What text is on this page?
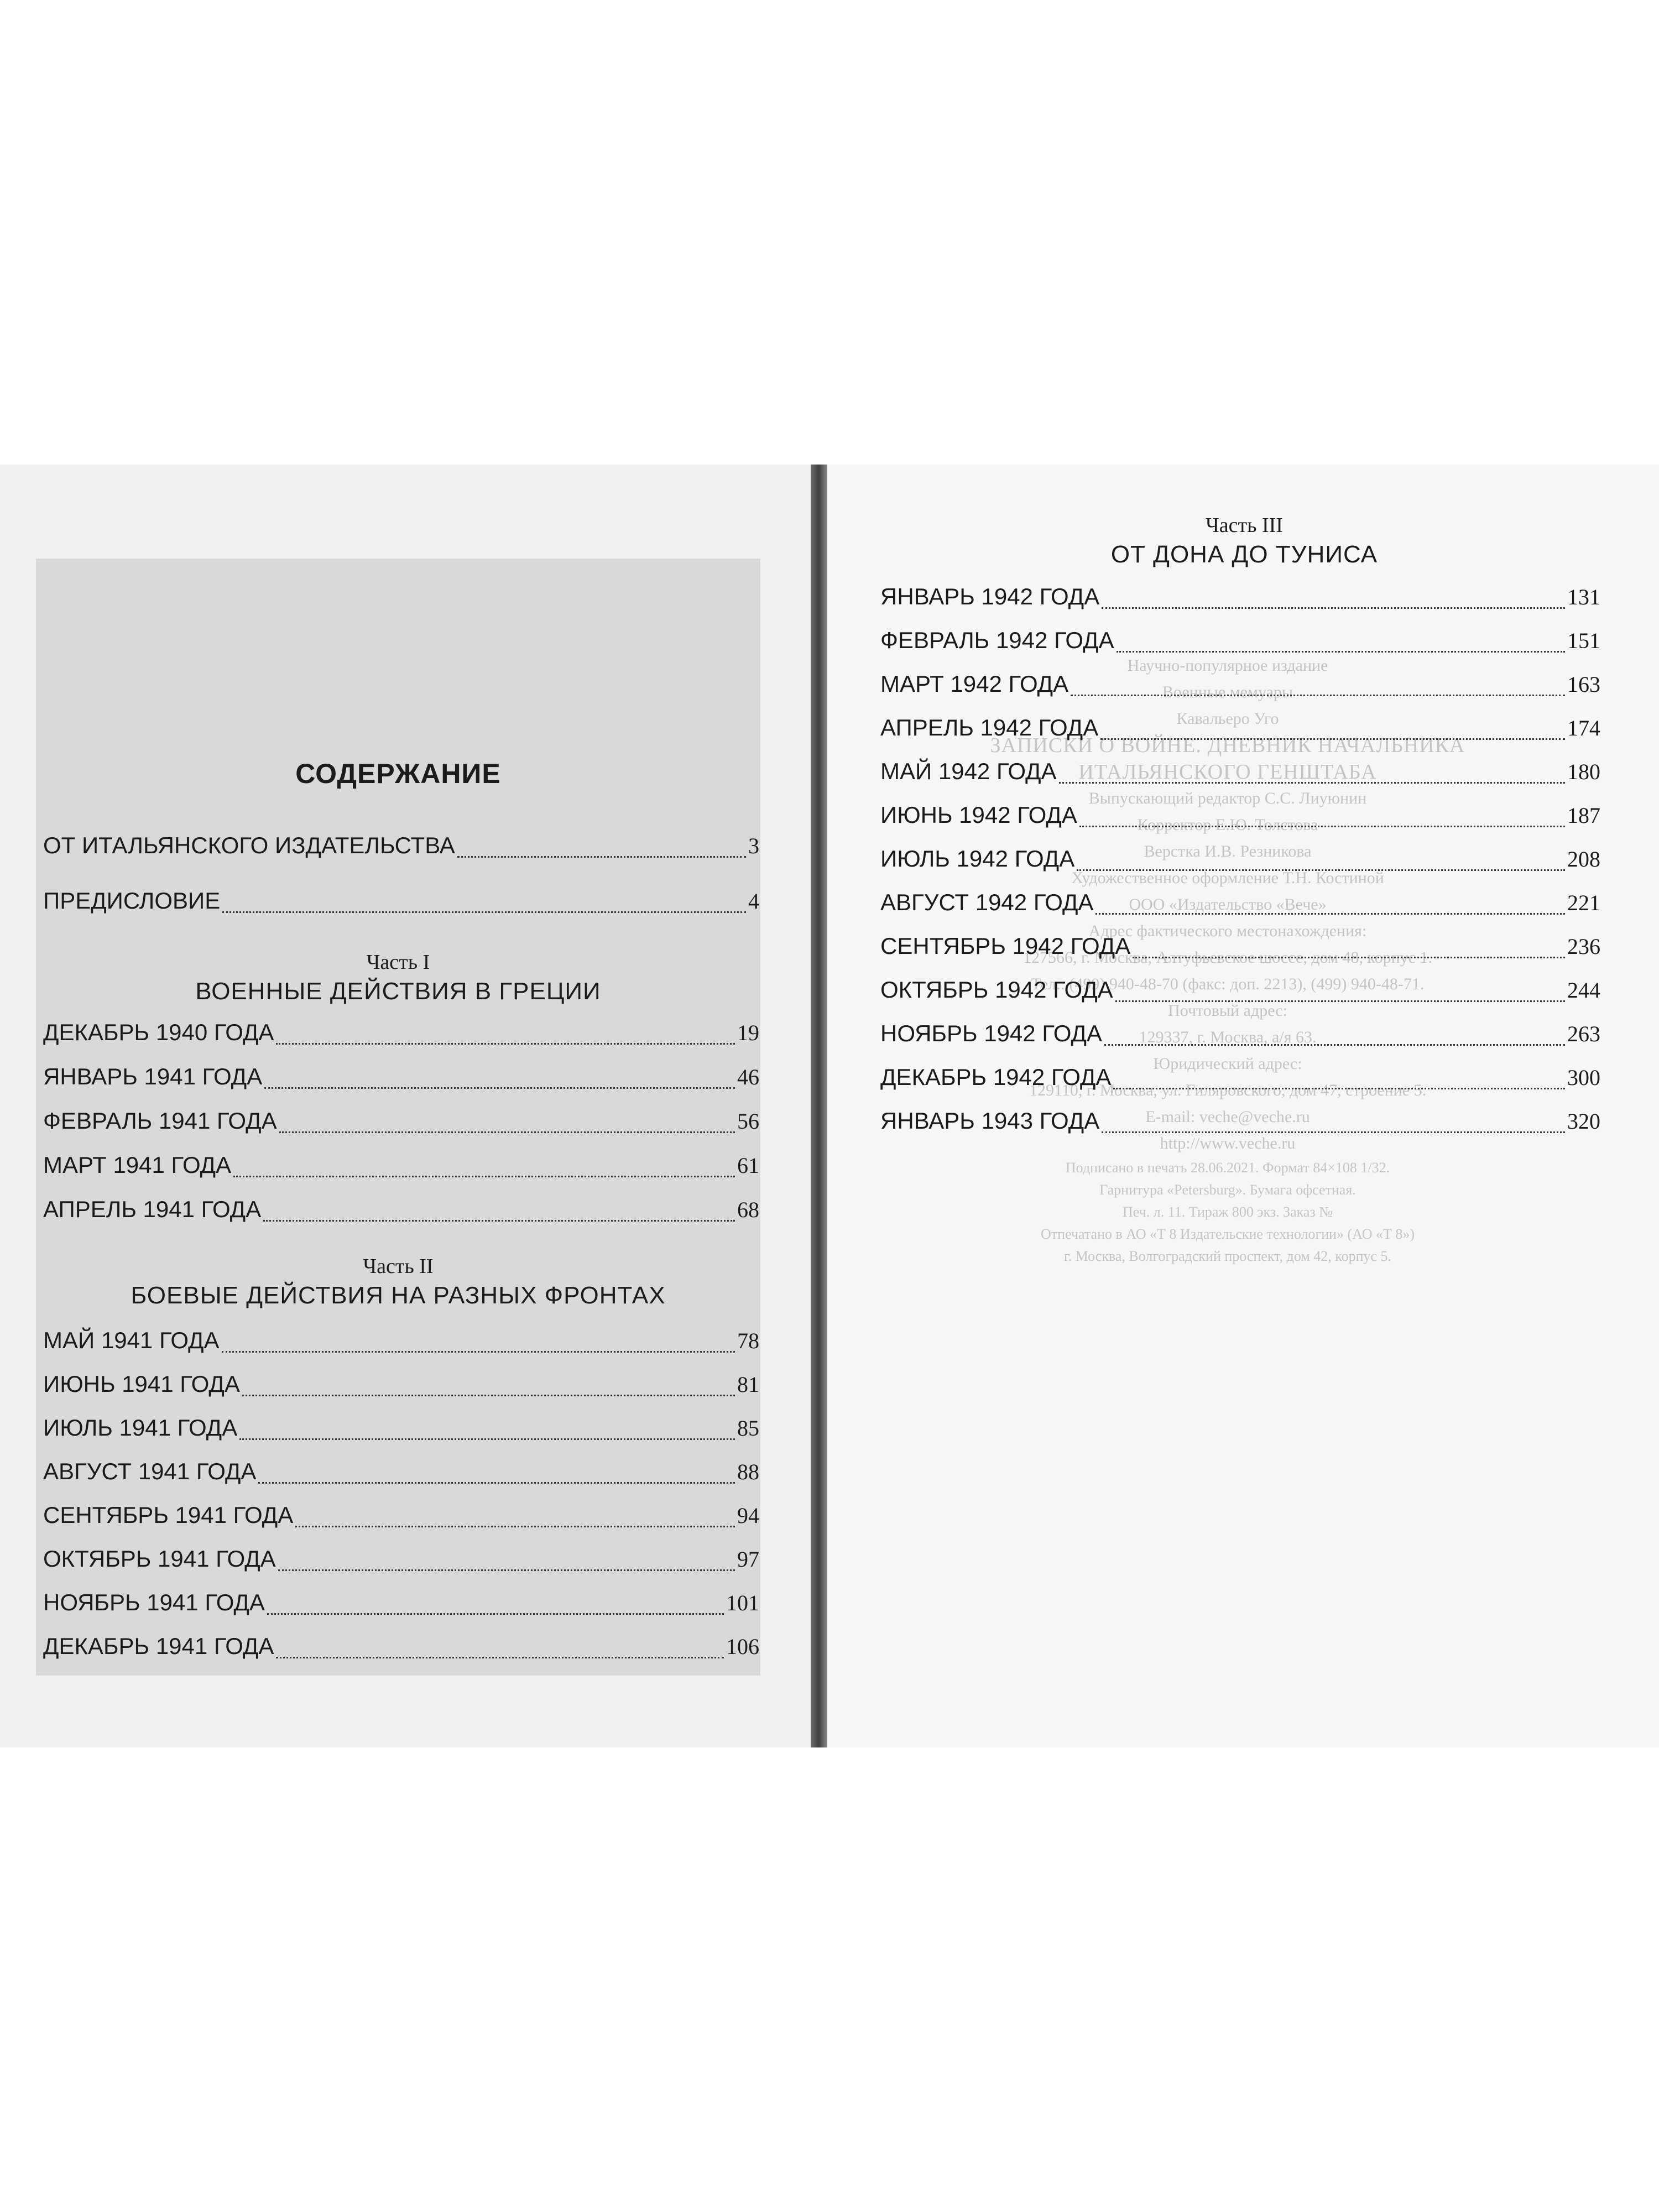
Научно-популярное издание
Военные мемуары
Кавальеро Уго
ЗАПИСКИ О ВОЙНЕ. ДНЕВНИК НАЧАЛЬНИКА
ИТАЛЬЯНСКОГО ГЕНШТАБА
Выпускающий редактор С.С. Лиуюнин
Корректор Е.Ю. Толстова
Верстка И.В. Резникова
Художественное оформление Т.Н. Костиной
ООО «Издательство «Вече»
Адрес фактического местонахождения:
127566, г. Москва, Алтуфьевское шоссе, дом 48, корпус 1.
Тел.: (499) 940-48-70 (факс: доп. 2213), (499) 940-48-71.
Почтовый адрес:
129337, г. Москва, а/я 63.
Юридический адрес:
129110, г. Москва, ул. Гиляровского, дом 47, строение 5.
E-mail: veche@veche.ru
http://www.veche.ru
Подписано в печать 28.06.2021. Формат 84×108 1/32.
Гарнитура «Petersburg». Бумага офсетная.
Печ. л. 11. Тираж 800 экз. Заказ №
Отпечатано в АО «Т 8 Издательские технологии» (АО «Т 8»)
г. Москва, Волгоградский проспект, дом 42, корпус 5.
СОДЕРЖАНИЕ
ОТ ИТАЛЬЯНСКОГО ИЗДАТЕЛЬСТВА	3
ПРЕДИСЛОВИЕ	4
Часть I
ВОЕННЫЕ ДЕЙСТВИЯ В ГРЕЦИИ
ДЕКАБРЬ 1940 ГОДА	19
ЯНВАРЬ 1941 ГОДА	46
ФЕВРАЛЬ 1941 ГОДА	56
МАРТ 1941 ГОДА	61
АПРЕЛЬ 1941 ГОДА	68
Часть II
БОЕВЫЕ ДЕЙСТВИЯ НА РАЗНЫХ ФРОНТАХ
МАЙ 1941 ГОДА	78
ИЮНЬ 1941 ГОДА	81
ИЮЛЬ 1941 ГОДА	85
АВГУСТ 1941 ГОДА	88
СЕНТЯБРЬ 1941 ГОДА	94
ОКТЯБРЬ 1941 ГОДА	97
НОЯБРЬ 1941 ГОДА	101
ДЕКАБРЬ 1941 ГОДА	106
Часть III
ОТ ДОНА ДО ТУНИСА
ЯНВАРЬ 1942 ГОДА	131
ФЕВРАЛЬ 1942 ГОДА	151
МАРТ 1942 ГОДА	163
АПРЕЛЬ 1942 ГОДА	174
МАЙ 1942 ГОДА	180
ИЮНЬ 1942 ГОДА	187
ИЮЛЬ 1942 ГОДА	208
АВГУСТ 1942 ГОДА	221
СЕНТЯБРЬ 1942 ГОДА	236
ОКТЯБРЬ 1942 ГОДА	244
НОЯБРЬ 1942 ГОДА	263
ДЕКАБРЬ 1942 ГОДА	300
ЯНВАРЬ 1943 ГОДА	320
